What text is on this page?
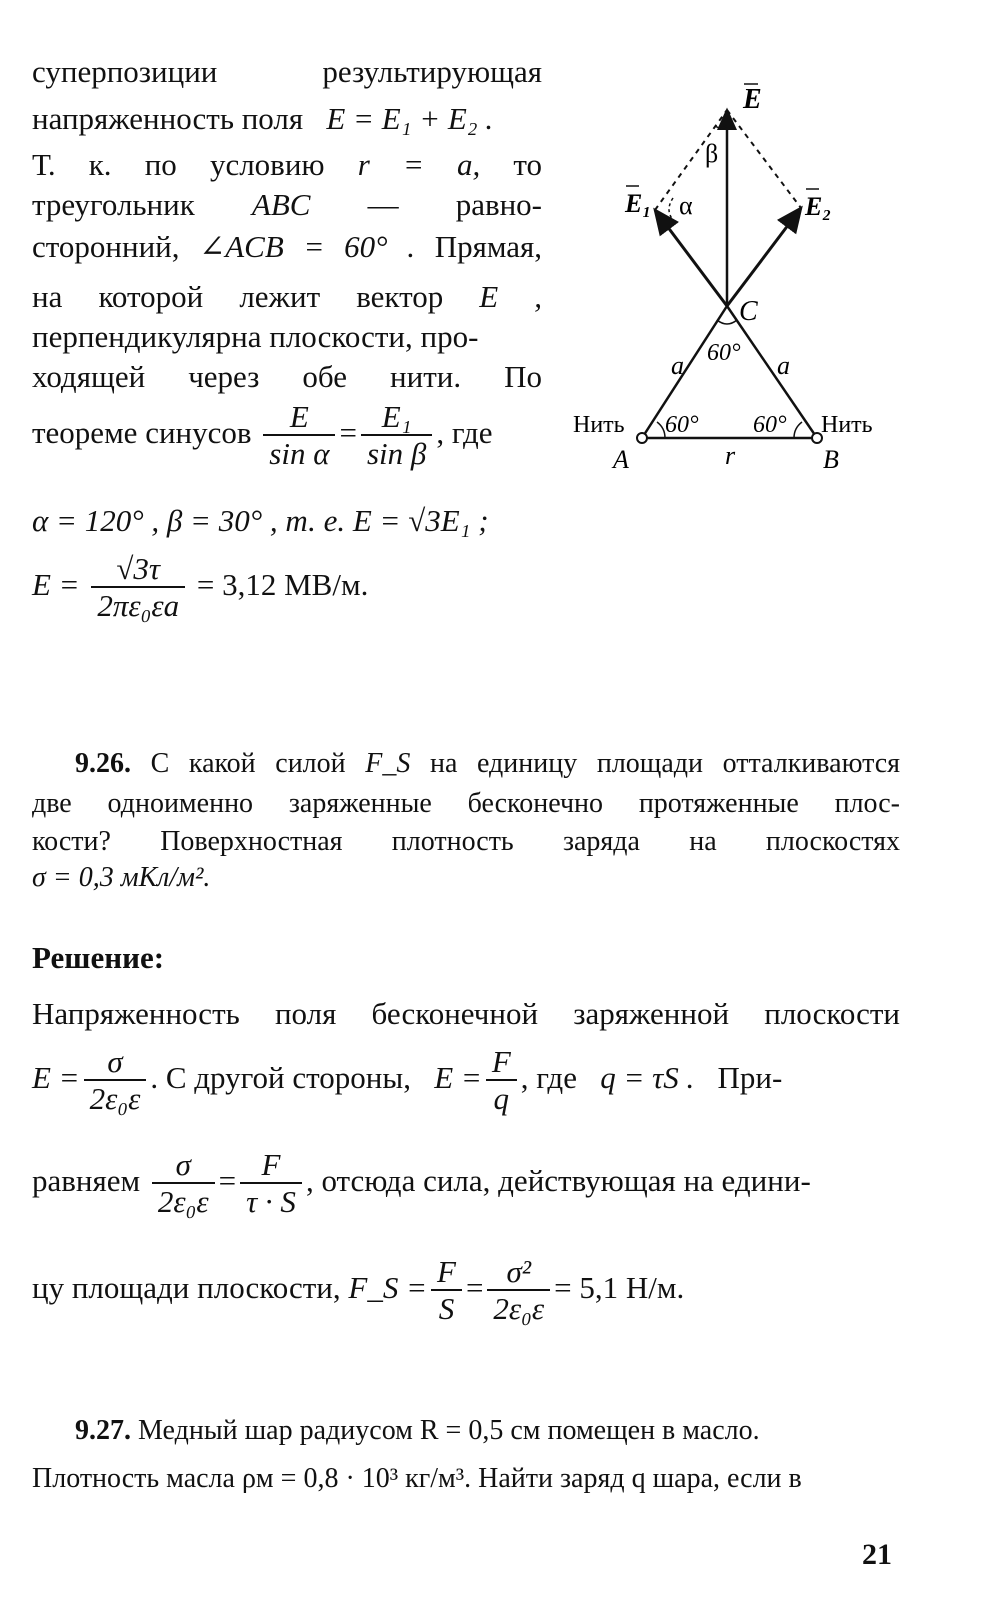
суперпозиции	результирующая
напряженность поля E = E₁ + E₂ .
Т. к. по условию r = a, то
треугольник ABC — равно-
сторонний, ∠ACB = 60° . Прямая,
на которой лежит вектор E ,
перпендикулярна плоскости, про-
ходящей через обе нити. По
теореме синусов $\frac{E}{\text{sin α}} = \frac{\text{E₁}}{\text{sin β}}$ , где
α = 120° , β = 30° , т. е. E = √3E₁ ;
$E = \frac{√3\tau}{\text{2πε₀εa}} = 3,12$ МВ/м.
E
β
E₁ α	E₂
C
60°
a	a
Нить	Нить
60° 60°
A	r	B
9.26. С какой силой F_S на единицу площади отталкиваются
две одноименно заряженные бесконечно протяженные плос-
кости? Поверхностная плотность заряда на плоскостях
σ = 0,3 мКл/м².
Решение:
Напряженность поля бесконечной заряженной плоскости
$E = \frac{\sigma}{\text{2ε₀ε}}$ . С другой стороны, $E = \frac{F}{q}$ , где q = τS . При-
равняем $\frac{\sigma}{\text{2ε₀ε}} = \frac{F}{\tau \cdot S}$ , отсюда сила, действующая на едини-
цу площади плоскости, F_S = $\frac{F}{S} = \frac{\text{σ²}}{\text{2ε₀ε}} = 5,1$ Н/м.
9.27. Медный шар радиусом R = 0,5 см помещен в масло.
Плотность масла ρм = 0,8 · 10³ кг/м³. Найти заряд q шара, если в
21
